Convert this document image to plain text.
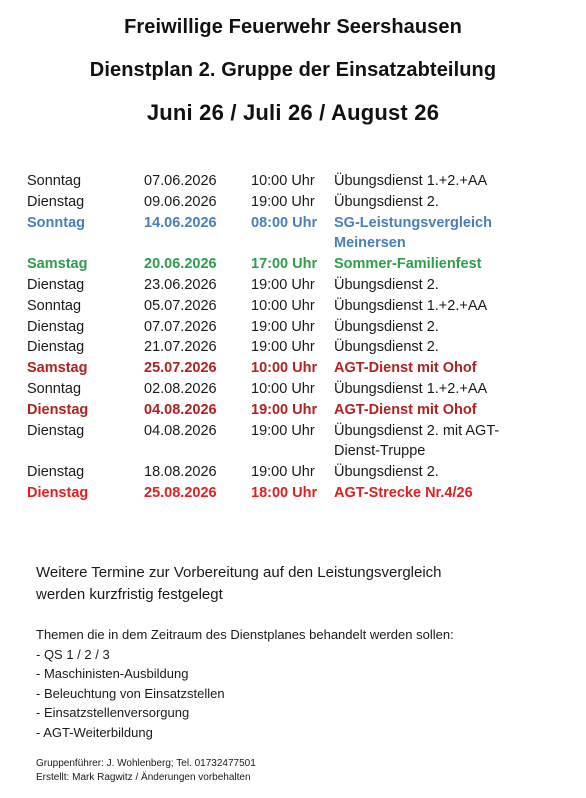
Freiwillige Feuerwehr Seershausen
Dienstplan 2. Gruppe der Einsatzabteilung
Juni 26 / Juli 26 / August 26
Sonntag	07.06.2026 10:00 Uhr Übungsdienst 1.+2.+AA
Dienstag	09.06.2026 19:00 Uhr Übungsdienst 2.
Sonntag	14.06.2026 08:00 Uhr SG-Leistungsvergleich Meinersen
Samstag	20.06.2026 17:00 Uhr Sommer-Familienfest
Dienstag	23.06.2026 19:00 Uhr Übungsdienst 2.
Sonntag	05.07.2026 10:00 Uhr Übungsdienst 1.+2.+AA
Dienstag	07.07.2026 19:00 Uhr Übungsdienst 2.
Dienstag	21.07.2026 19:00 Uhr Übungsdienst 2.
Samstag	25.07.2026 10:00 Uhr AGT-Dienst mit Ohof
Sonntag	02.08.2026 10:00 Uhr Übungsdienst 1.+2.+AA
Dienstag	04.08.2026 19:00 Uhr AGT-Dienst mit Ohof
Dienstag	04.08.2026 19:00 Uhr Übungsdienst 2. mit AGT-Dienst-Truppe
Dienstag	18.08.2026 19:00 Uhr Übungsdienst 2.
Dienstag	25.08.2026 18:00 Uhr AGT-Strecke Nr.4/26
Weitere Termine zur Vorbereitung auf den Leistungsvergleich
werden kurzfristig festgelegt
Themen die in dem Zeitraum des Dienstplanes behandelt werden sollen:
- QS 1 / 2 / 3
- Maschinisten-Ausbildung
- Beleuchtung von Einsatzstellen
- Einsatzstellenversorgung
- AGT-Weiterbildung
Gruppenführer: J. Wohlenberg; Tel. 01732477501
Erstellt: Mark Ragwitz / Änderungen vorbehalten
